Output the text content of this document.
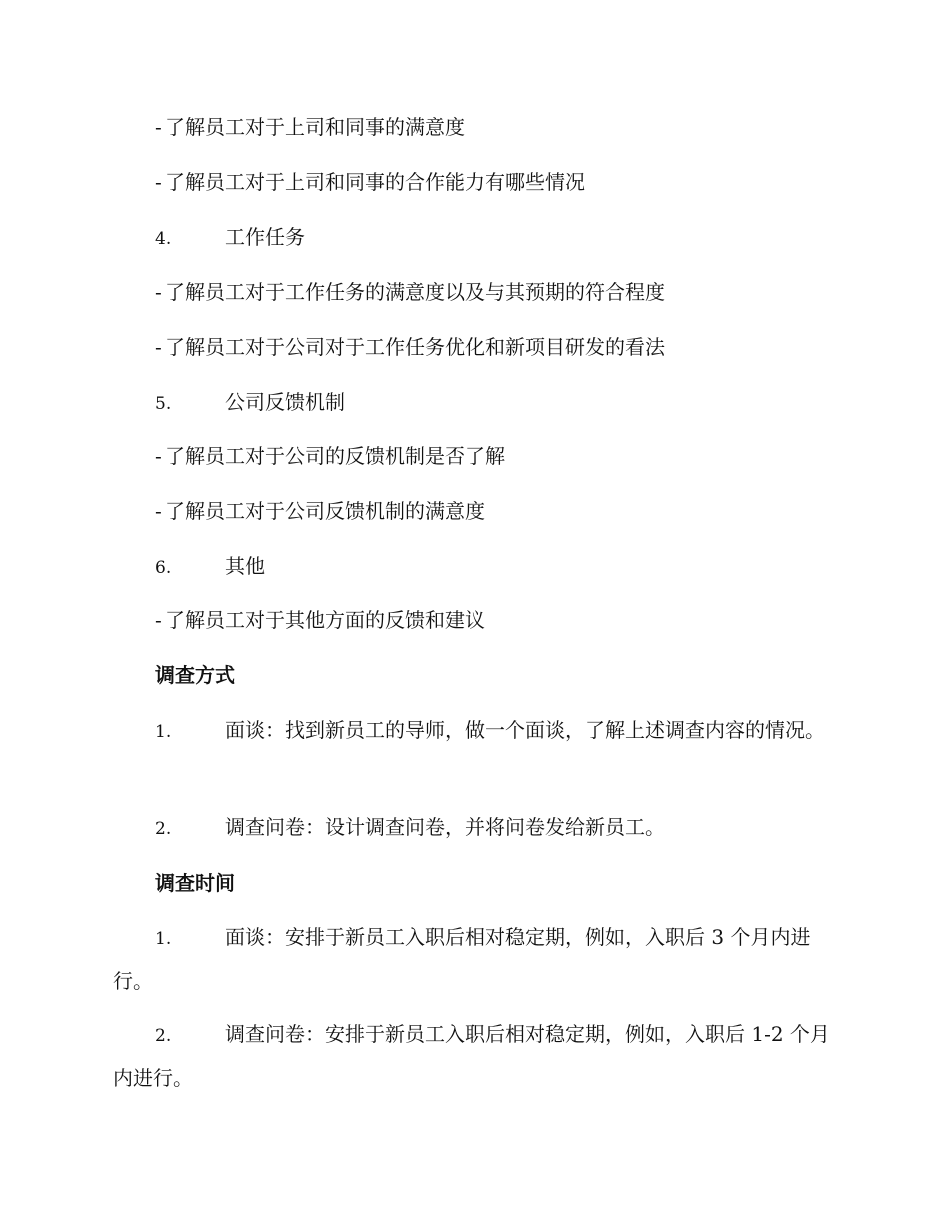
- 了解员工对于上司和同事的满意度
- 了解员工对于上司和同事的合作能力有哪些情况
4.	工作任务
- 了解员工对于工作任务的满意度以及与其预期的符合程度
- 了解员工对于公司对于工作任务优化和新项目研发的看法
5.	公司反馈机制
- 了解员工对于公司的反馈机制是否了解
- 了解员工对于公司反馈机制的满意度
6.	其他
- 了解员工对于其他方面的反馈和建议
调查方式
1.	面谈：找到新员工的导师，做一个面谈，了解上述调查内容的情况。
2.	调查问卷：设计调查问卷，并将问卷发给新员工。
调查时间
1.	面谈：安排于新员工入职后相对稳定期，例如，入职后 3 个月内进行。
2.	调查问卷：安排于新员工入职后相对稳定期，例如，入职后 1-2 个月内进行。
